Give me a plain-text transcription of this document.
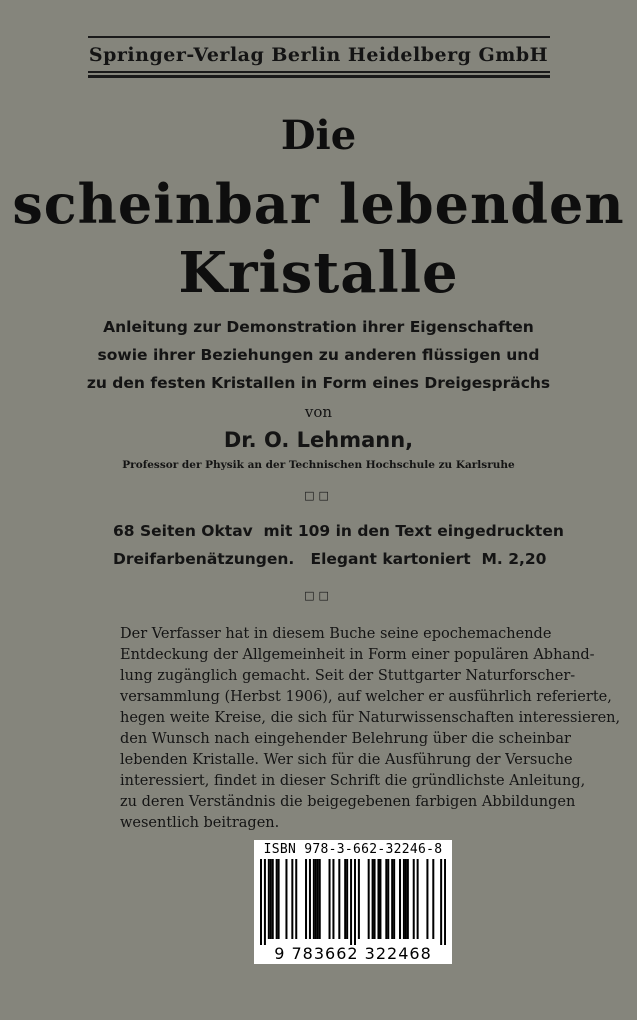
Springer-Verlag Berlin Heidelberg GmbH
Die
scheinbar lebenden
Kristalle
Anleitung zur Demonstration ihrer Eigenschaften
sowie ihrer Beziehungen zu anderen flüssigen und
zu den festen Kristallen in Form eines Dreigesprächs
von
Dr. O. Lehmann,
Professor der Physik an der Technischen Hochschule zu Karlsruhe
□□
68 Seiten Oktav  mit 109 in den Text eingedruckten
Dreifarbenätzungen.   Elegant kartoniert  M. 2,20
□□
Der Verfasser hat in diesem Buche seine epochemachende
Entdeckung der Allgemeinheit in Form einer populären Abhand-
lung zugänglich gemacht. Seit der Stuttgarter Naturforscher-
versammlung (Herbst 1906), auf welcher er ausführlich referierte,
hegen weite Kreise, die sich für Naturwissenschaften interessieren,
den Wunsch nach eingehender Belehrung über die scheinbar
lebenden Kristalle. Wer sich für die Ausführung der Versuche
interessiert, findet in dieser Schrift die gründlichste Anleitung,
zu deren Verständnis die beigegebenen farbigen Abbildungen
wesentlich beitragen.
ISBN 978-3-662-32246-8
9 783662 322468
